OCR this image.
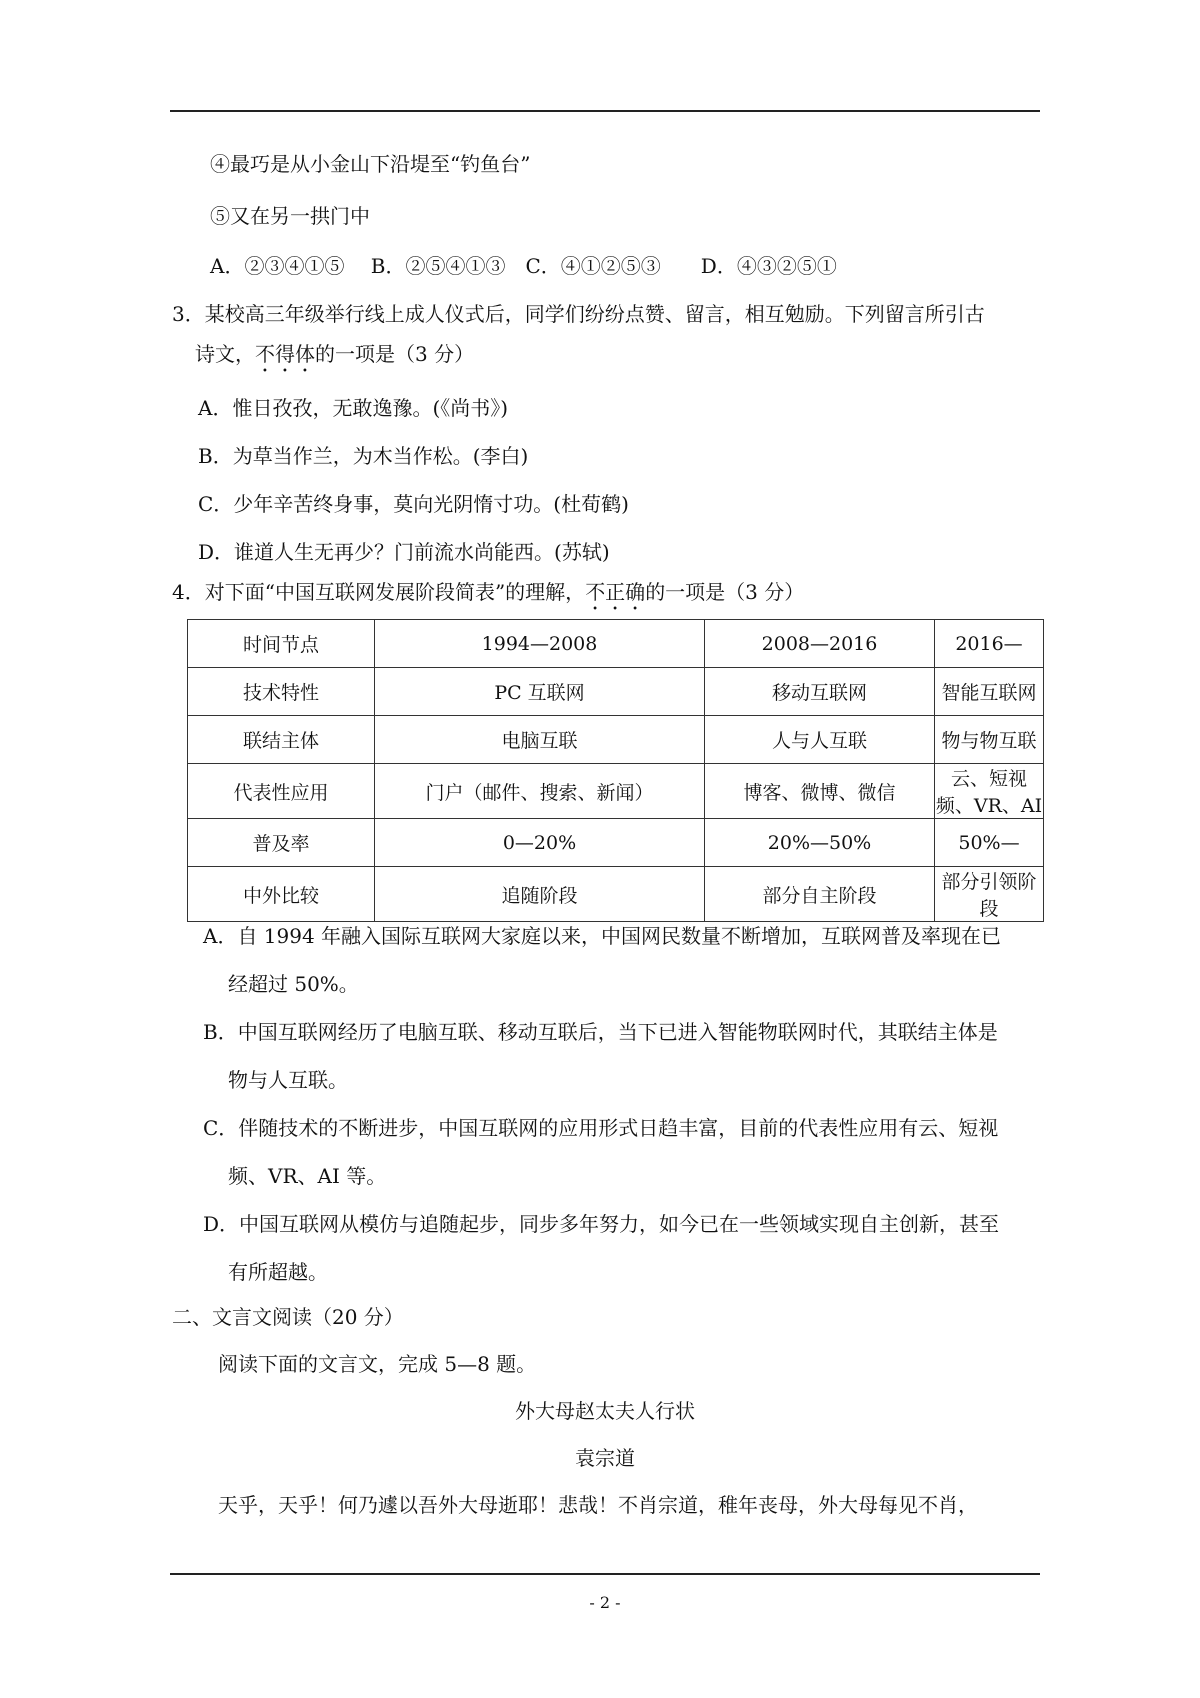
④最巧是从小金山下沿堤至“钓鱼台”
⑤又在另一拱门中
A．②③④①⑤　 B．②⑤④①③　C．④①②⑤③　　D．④③②⑤①
3．某校高三年级举行线上成人仪式后，同学们纷纷点赞、留言，相互勉励。下列留言所引古
诗文，不得体的一项是（3 分）
A．惟日孜孜，无敢逸豫。(《尚书》)
B．为草当作兰，为木当作松。(李白)
C．少年辛苦终身事，莫向光阴惰寸功。(杜荀鹤)
D．谁道人生无再少？门前流水尚能西。(苏轼)
4．对下面“中国互联网发展阶段简表”的理解，不正确的一项是（3 分）
时间节点	1994—2008	2008—2016	2016—
技术特性	PC 互联网	移动互联网	智能互联网
联结主体	电脑互联	人与人互联	物与物互联
代表性应用	门户（邮件、搜索、新闻）	博客、微博、微信	云、短视频、VR、AI
普及率	0—20%	20%—50%	50%—
中外比较	追随阶段	部分自主阶段	部分引领阶段
A．自 1994 年融入国际互联网大家庭以来，中国网民数量不断增加，互联网普及率现在已
经超过 50%。
B．中国互联网经历了电脑互联、移动互联后，当下已进入智能物联网时代，其联结主体是
物与人互联。
C．伴随技术的不断进步，中国互联网的应用形式日趋丰富，目前的代表性应用有云、短视
频、VR、AI 等。
D．中国互联网从模仿与追随起步，同步多年努力，如今已在一些领域实现自主创新，甚至
有所超越。
二、文言文阅读（20 分）
阅读下面的文言文，完成 5—8 题。
外大母赵太夫人行状
袁宗道
天乎，天乎！何乃遽以吾外大母逝耶！悲哉！不肖宗道，稚年丧母，外大母每见不肖，
- 2 -
